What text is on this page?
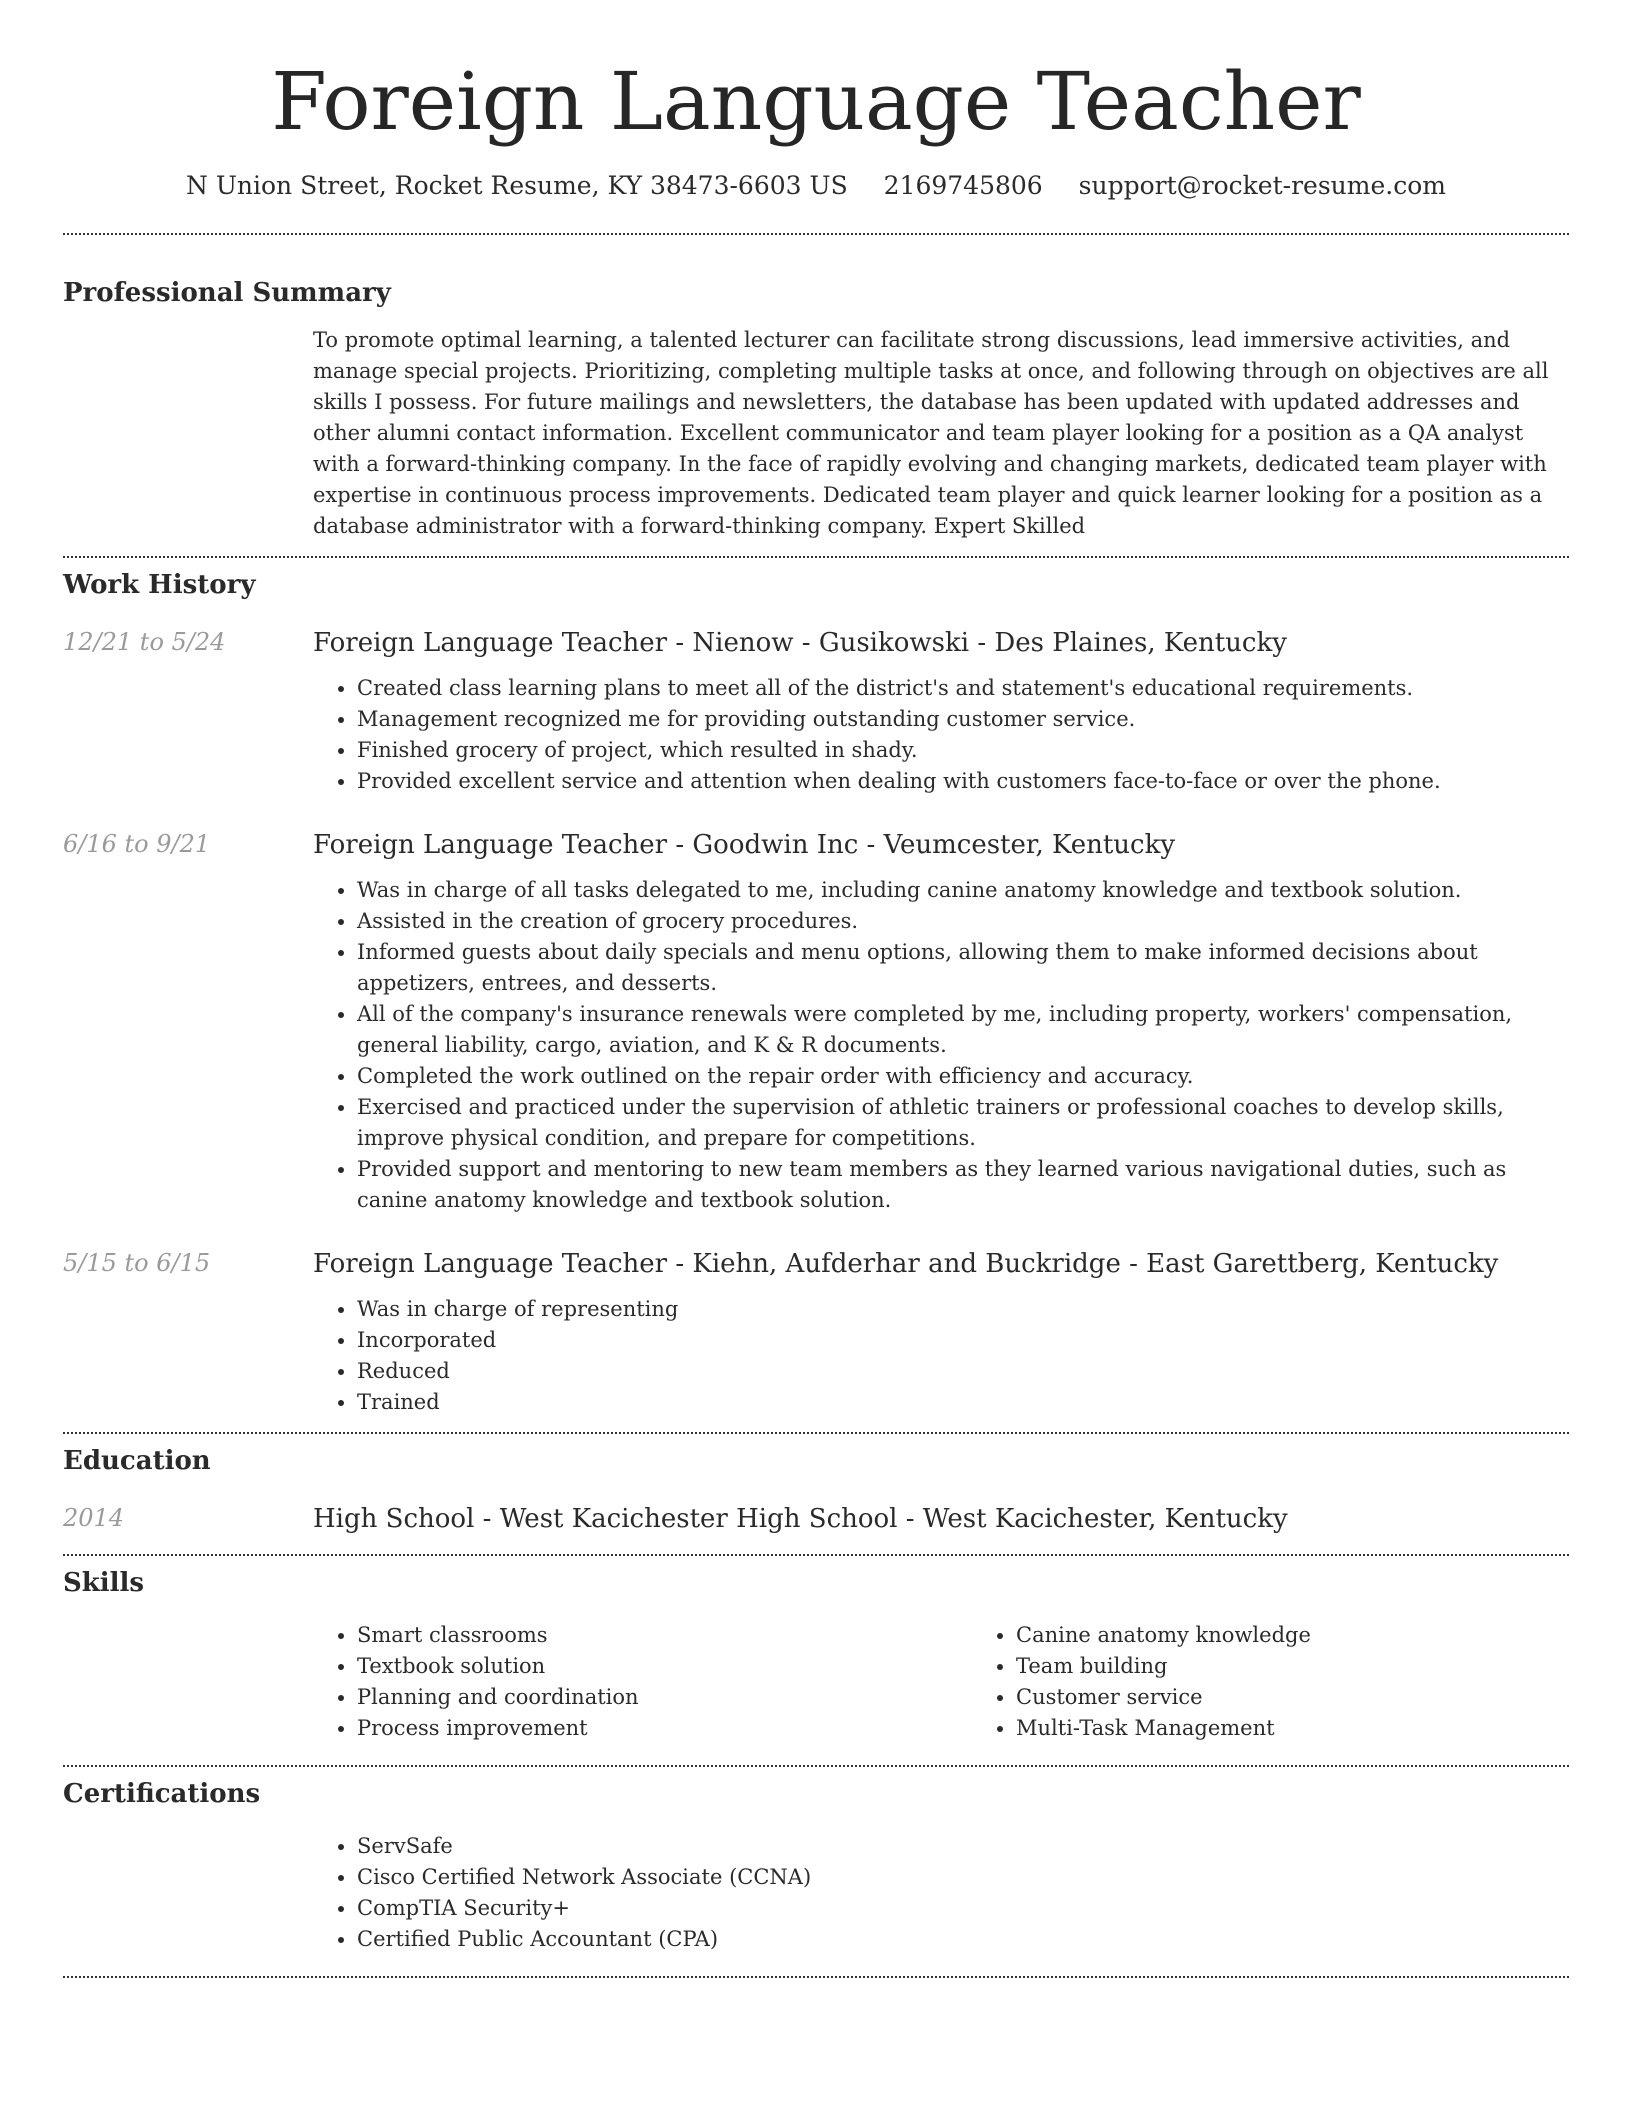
Foreign Language Teacher
N Union Street, Rocket Resume, KY 38473-6603 US 2169745806 support@rocket-resume.com
Professional Summary

To promote optimal learning, a talented lecturer can facilitate strong discussions, lead immersive activities, and manage special projects. Prioritizing, completing multiple tasks at once, and following through on objectives are all skills I possess. For future mailings and newsletters, the database has been updated with updated addresses and other alumni contact information. Excellent communicator and team player looking for a position as a QA analyst with a forward-thinking company. In the face of rapidly evolving and changing markets, dedicated team player with expertise in continuous process improvements. Dedicated team player and quick learner looking for a position as a database administrator with a forward-thinking company. Expert Skilled

Work History
12/21 to 5/24	Foreign Language Teacher - Nienow - Gusikowski - Des Plaines, Kentucky
• Created class learning plans to meet all of the district's and statement's educational requirements.
• Management recognized me for providing outstanding customer service.
• Finished grocery of project, which resulted in shady.
• Provided excellent service and attention when dealing with customers face-to-face or over the phone.
6/16 to 9/21	Foreign Language Teacher - Goodwin Inc - Veumcester, Kentucky
• Was in charge of all tasks delegated to me, including canine anatomy knowledge and textbook solution.
• Assisted in the creation of grocery procedures.
• Informed guests about daily specials and menu options, allowing them to make informed decisions about appetizers, entrees, and desserts.
• All of the company's insurance renewals were completed by me, including property, workers' compensation, general liability, cargo, aviation, and K & R documents.
• Completed the work outlined on the repair order with efficiency and accuracy.
• Exercised and practiced under the supervision of athletic trainers or professional coaches to develop skills, improve physical condition, and prepare for competitions.
• Provided support and mentoring to new team members as they learned various navigational duties, such as canine anatomy knowledge and textbook solution.
5/15 to 6/15	Foreign Language Teacher - Kiehn, Aufderhar and Buckridge - East Garettberg, Kentucky
• Was in charge of representing
• Incorporated
• Reduced
• Trained
Education
2014	High School - West Kacichester High School - West Kacichester, Kentucky
Skills
• Smart classrooms
• Textbook solution
• Planning and coordination
• Process improvement
• Canine anatomy knowledge
• Team building
• Customer service
• Multi-Task Management
Certifications
• ServSafe
• Cisco Certified Network Associate (CCNA)
• CompTIA Security+
• Certified Public Accountant (CPA)
